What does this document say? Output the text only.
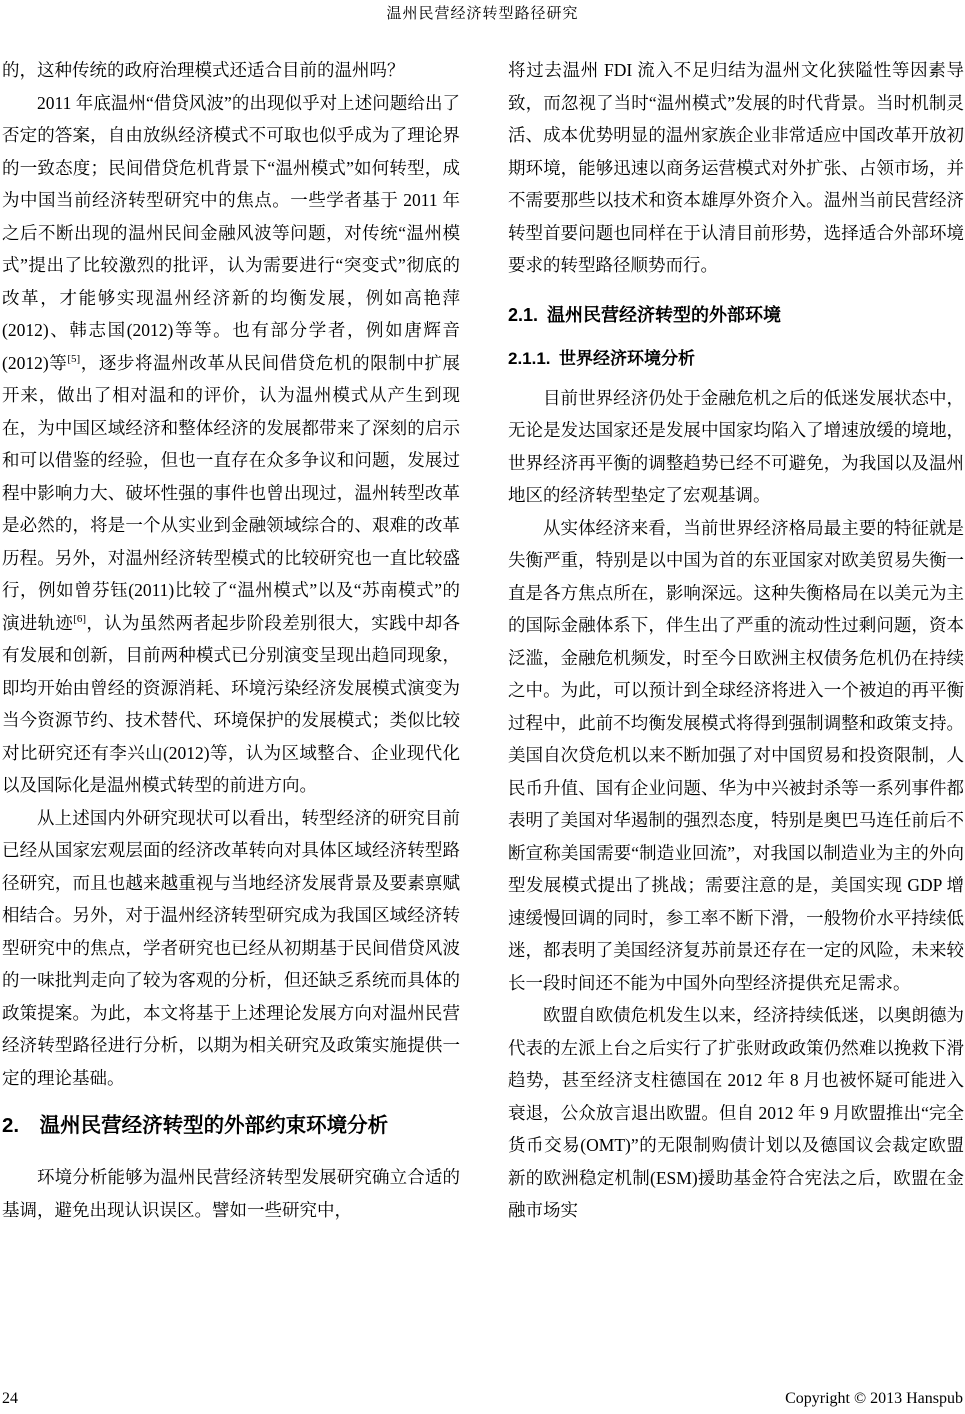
温州民营经济转型路径研究

的，这种传统的政府治理模式还适合目前的温州吗？

2011 年底温州“借贷风波”的出现似乎对上述问题给出了否定的答案，自由放纵经济模式不可取也似乎成为了理论界的一致态度；民间借贷危机背景下“温州模式”如何转型，成为中国当前经济转型研究中的焦点。一些学者基于 2011 年之后不断出现的温州民间金融风波等问题，对传统“温州模式”提出了比较激烈的批评，认为需要进行“突变式”彻底的改革，才能够实现温州经济新的均衡发展，例如高艳萍(2012)、韩志国(2012)等等。也有部分学者，例如唐辉音(2012)等[5]，逐步将温州改革从民间借贷危机的限制中扩展开来，做出了相对温和的评价，认为温州模式从产生到现在，为中国区域经济和整体经济的发展都带来了深刻的启示和可以借鉴的经验，但也一直存在众多争议和问题，发展过程中影响力大、破坏性强的事件也曾出现过，温州转型改革是必然的，将是一个从实业到金融领域综合的、艰难的改革历程。另外，对温州经济转型模式的比较研究也一直比较盛行，例如曾芬钰(2011)比较了“温州模式”以及“苏南模式”的演进轨迹[6]，认为虽然两者起步阶段差别很大，实践中却各有发展和创新，目前两种模式已分别演变呈现出趋同现象，即均开始由曾经的资源消耗、环境污染经济发展模式演变为当今资源节约、技术替代、环境保护的发展模式；类似比较对比研究还有李兴山(2012)等，认为区域整合、企业现代化以及国际化是温州模式转型的前进方向。

从上述国内外研究现状可以看出，转型经济的研究目前已经从国家宏观层面的经济改革转向对具体区域经济转型路径研究，而且也越来越重视与当地经济发展背景及要素禀赋相结合。另外，对于温州经济转型研究成为我国区域经济转型研究中的焦点，学者研究也已经从初期基于民间借贷风波的一味批判走向了较为客观的分析，但还缺乏系统而具体的政策提案。为此，本文将基于上述理论发展方向对温州民营经济转型路径进行分析，以期为相关研究及政策实施提供一定的理论基础。

2. 温州民营经济转型的外部约束环境分析

环境分析能够为温州民营经济转型发展研究确立合适的基调，避免出现认识误区。譬如一些研究中，

将过去温州 FDI 流入不足归结为温州文化狭隘性等因素导致，而忽视了当时“温州模式”发展的时代背景。当时机制灵活、成本优势明显的温州家族企业非常适应中国改革开放初期环境，能够迅速以商务运营模式对外扩张、占领市场，并不需要那些以技术和资本雄厚外资介入。温州当前民营经济转型首要问题也同样在于认清目前形势，选择适合外部环境要求的转型路径顺势而行。

2.1. 温州民营经济转型的外部环境
2.1.1. 世界经济环境分析

目前世界经济仍处于金融危机之后的低迷发展状态中，无论是发达国家还是发展中国家均陷入了增速放缓的境地，世界经济再平衡的调整趋势已经不可避免，为我国以及温州地区的经济转型垫定了宏观基调。

从实体经济来看，当前世界经济格局最主要的特征就是失衡严重，特别是以中国为首的东亚国家对欧美贸易失衡一直是各方焦点所在，影响深远。这种失衡格局在以美元为主的国际金融体系下，伴生出了严重的流动性过剩问题，资本泛滥，金融危机频发，时至今日欧洲主权债务危机仍在持续之中。为此，可以预计到全球经济将进入一个被迫的再平衡过程中，此前不均衡发展模式将得到强制调整和政策支持。美国自次贷危机以来不断加强了对中国贸易和投资限制，人民币升值、国有企业问题、华为中兴被封杀等一系列事件都表明了美国对华遏制的强烈态度，特别是奥巴马连任前后不断宣称美国需要“制造业回流”，对我国以制造业为主的外向型发展模式提出了挑战；需要注意的是，美国实现 GDP 增速缓慢回调的同时，参工率不断下滑，一般物价水平持续低迷，都表明了美国经济复苏前景还存在一定的风险，未来较长一段时间还不能为中国外向型经济提供充足需求。

欧盟自欧债危机发生以来，经济持续低迷，以奥朗德为代表的左派上台之后实行了扩张财政政策仍然难以挽救下滑趋势，甚至经济支柱德国在 2012 年 8 月也被怀疑可能进入衰退，公众放言退出欧盟。但自 2012 年 9 月欧盟推出“完全货币交易(OMT)”的无限制购债计划以及德国议会裁定欧盟新的欧洲稳定机制(ESM)援助基金符合宪法之后，欧盟在金融市场实

24	Copyright © 2013 Hanspub
